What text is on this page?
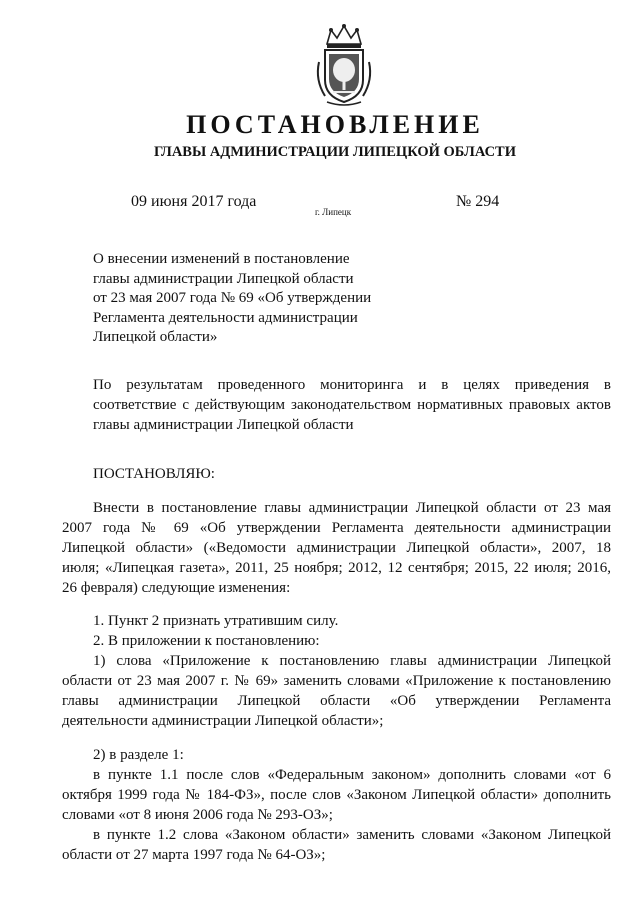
ПОСТАНОВЛЕНИЕ
ГЛАВЫ АДМИНИСТРАЦИИ ЛИПЕЦКОЙ ОБЛАСТИ
09 июня 2017 года
г. Липецк
№ 294
О внесении изменений в постановление
главы администрации Липецкой области
от 23 мая 2007 года № 69 «Об утверждении
Регламента деятельности администрации
Липецкой области»
По результатам проведенного мониторинга и в целях приведения в
соответствие с действующим законодательством нормативных правовых актов
главы администрации Липецкой области
ПОСТАНОВЛЯЮ:
Внести в постановление главы администрации Липецкой области от 23 мая
2007 года № 69 «Об утверждении Регламента деятельности администрации
Липецкой области» («Ведомости администрации Липецкой области», 2007, 18
июля; «Липецкая газета», 2011, 25 ноября; 2012, 12 сентября; 2015, 22 июля; 2016,
26 февраля) следующие изменения:
1. Пункт 2 признать утратившим силу.
2. В приложении к постановлению:
1) слова «Приложение к постановлению главы администрации Липецкой
области от 23 мая 2007 г. № 69» заменить словами «Приложение к постановлению
главы администрации Липецкой области «Об утверждении Регламента
деятельности администрации Липецкой области»;
2) в разделе 1:
в пункте 1.1 после слов «Федеральным законом» дополнить словами «от 6
октября 1999 года № 184-ФЗ», после слов «Законом Липецкой области» дополнить
словами «от 8 июня 2006 года № 293-ОЗ»;
в пункте 1.2 слова «Законом области» заменить словами «Законом Липецкой
области от 27 марта 1997 года № 64-ОЗ»;
